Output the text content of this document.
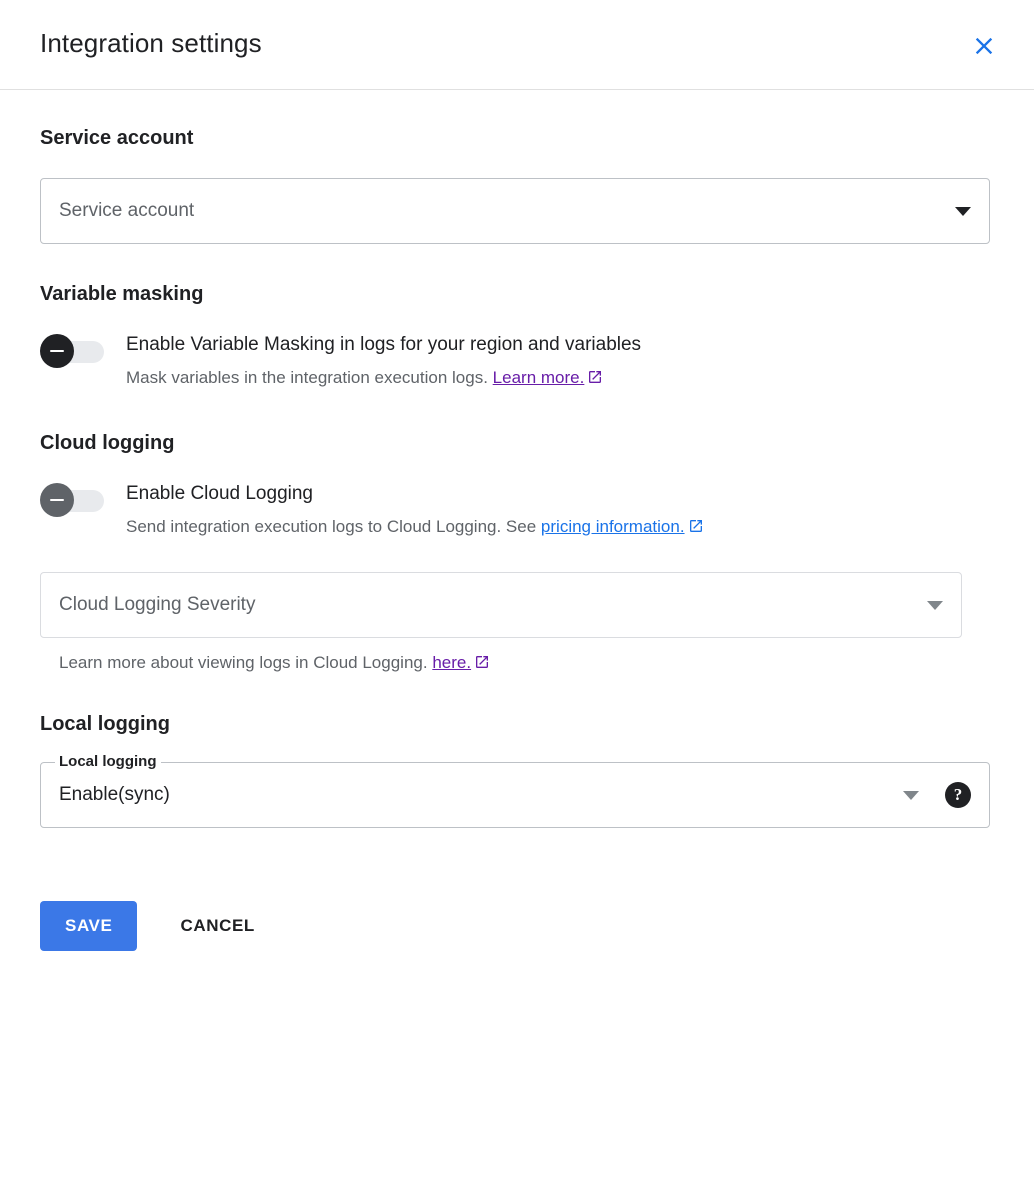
Integration settings
Service account
Service account
Variable masking
Enable Variable Masking in logs for your region and variables
Mask variables in the integration execution logs. Learn more.
Cloud logging
Enable Cloud Logging
Send integration execution logs to Cloud Logging. See pricing information.
Cloud Logging Severity
Learn more about viewing logs in Cloud Logging. here.
Local logging
Local logging
Enable(sync)	?
SAVE	CANCEL
